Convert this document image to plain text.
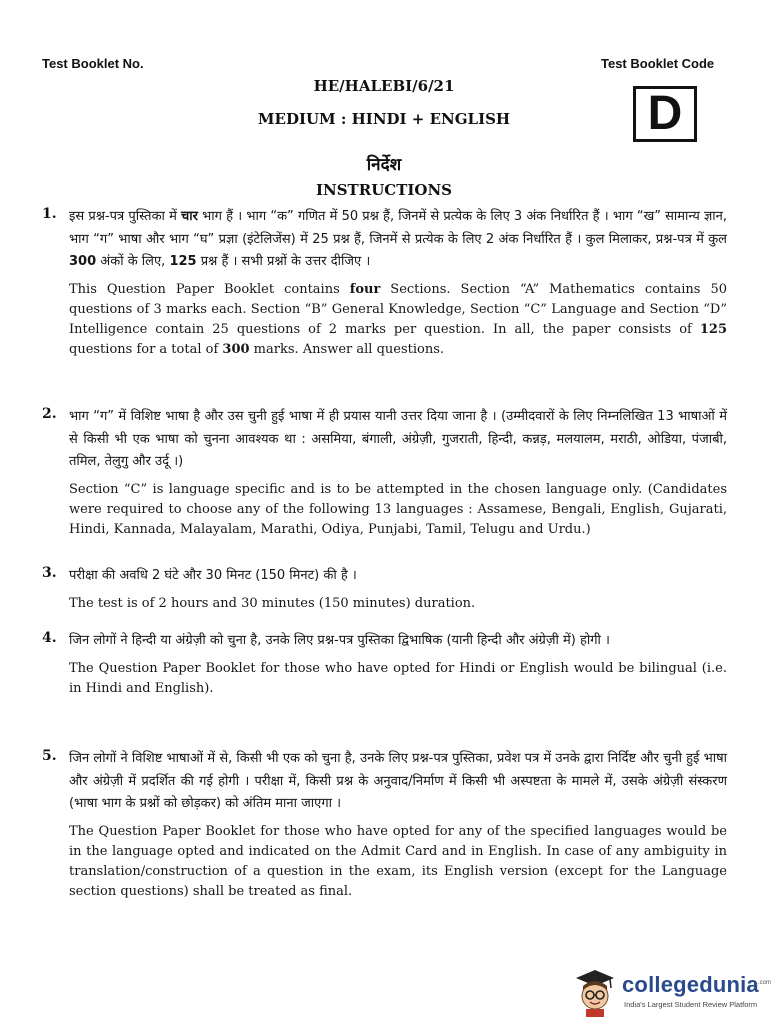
Test Booklet No.	Test Booklet Code
D
HE/HALEBI/6/21
MEDIUM : HINDI + ENGLISH
निर्देश
INSTRUCTIONS
1. इस प्रश्न-पत्र पुस्तिका में चार भाग हैं । भाग “क” गणित में 50 प्रश्न हैं, जिनमें से प्रत्येक के लिए 3 अंक निर्धारित हैं । भाग “ख” सामान्य ज्ञान, भाग “ग” भाषा और भाग “घ” प्रज्ञा (इंटेलिजेंस) में 25 प्रश्न हैं, जिनमें से प्रत्येक के लिए 2 अंक निर्धारित हैं । कुल मिलाकर, प्रश्न-पत्र में कुल 300 अंकों के लिए, 125 प्रश्न हैं । सभी प्रश्नों के उत्तर दीजिए ।
This Question Paper Booklet contains four Sections. Section “A” Mathematics contains 50 questions of 3 marks each. Section “B” General Knowledge, Section “C” Language and Section “D” Intelligence contain 25 questions of 2 marks per question. In all, the paper consists of 125 questions for a total of 300 marks. Answer all questions.
2. भाग “ग” में विशिष्ट भाषा है और उस चुनी हुई भाषा में ही प्रयास यानी उत्तर दिया जाना है । (उम्मीदवारों के लिए निम्नलिखित 13 भाषाओं में से किसी भी एक भाषा को चुनना आवश्यक था : असमिया, बंगाली, अंग्रेज़ी, गुजराती, हिन्दी, कन्नड़, मलयालम, मराठी, ओडिया, पंजाबी, तमिल, तेलुगु और उर्दू ।)
Section “C” is language specific and is to be attempted in the chosen language only. (Candidates were required to choose any of the following 13 languages : Assamese, Bengali, English, Gujarati, Hindi, Kannada, Malayalam, Marathi, Odiya, Punjabi, Tamil, Telugu and Urdu.)
3. परीक्षा की अवधि 2 घंटे और 30 मिनट (150 मिनट) की है ।
The test is of 2 hours and 30 minutes (150 minutes) duration.
4. जिन लोगों ने हिन्दी या अंग्रेज़ी को चुना है, उनके लिए प्रश्न-पत्र पुस्तिका द्विभाषिक (यानी हिन्दी और अंग्रेज़ी में) होगी ।
The Question Paper Booklet for those who have opted for Hindi or English would be bilingual (i.e. in Hindi and English).
5. जिन लोगों ने विशिष्ट भाषाओं में से, किसी भी एक को चुना है, उनके लिए प्रश्न-पत्र पुस्तिका, प्रवेश पत्र में उनके द्वारा निर्दिष्ट और चुनी हुई भाषा और अंग्रेज़ी में प्रदर्शित की गई होगी । परीक्षा में, किसी प्रश्न के अनुवाद/निर्माण में किसी भी अस्पष्टता के मामले में, उसके अंग्रेज़ी संस्करण (भाषा भाग के प्रश्नों को छोड़कर) को अंतिम माना जाएगा ।
The Question Paper Booklet for those who have opted for any of the specified languages would be in the language opted and indicated on the Admit Card and in English. In case of any ambiguity in translation/construction of a question in the exam, its English version (except for the Language section questions) shall be treated as final.
collegedunia .com
India's Largest Student Review Platform
